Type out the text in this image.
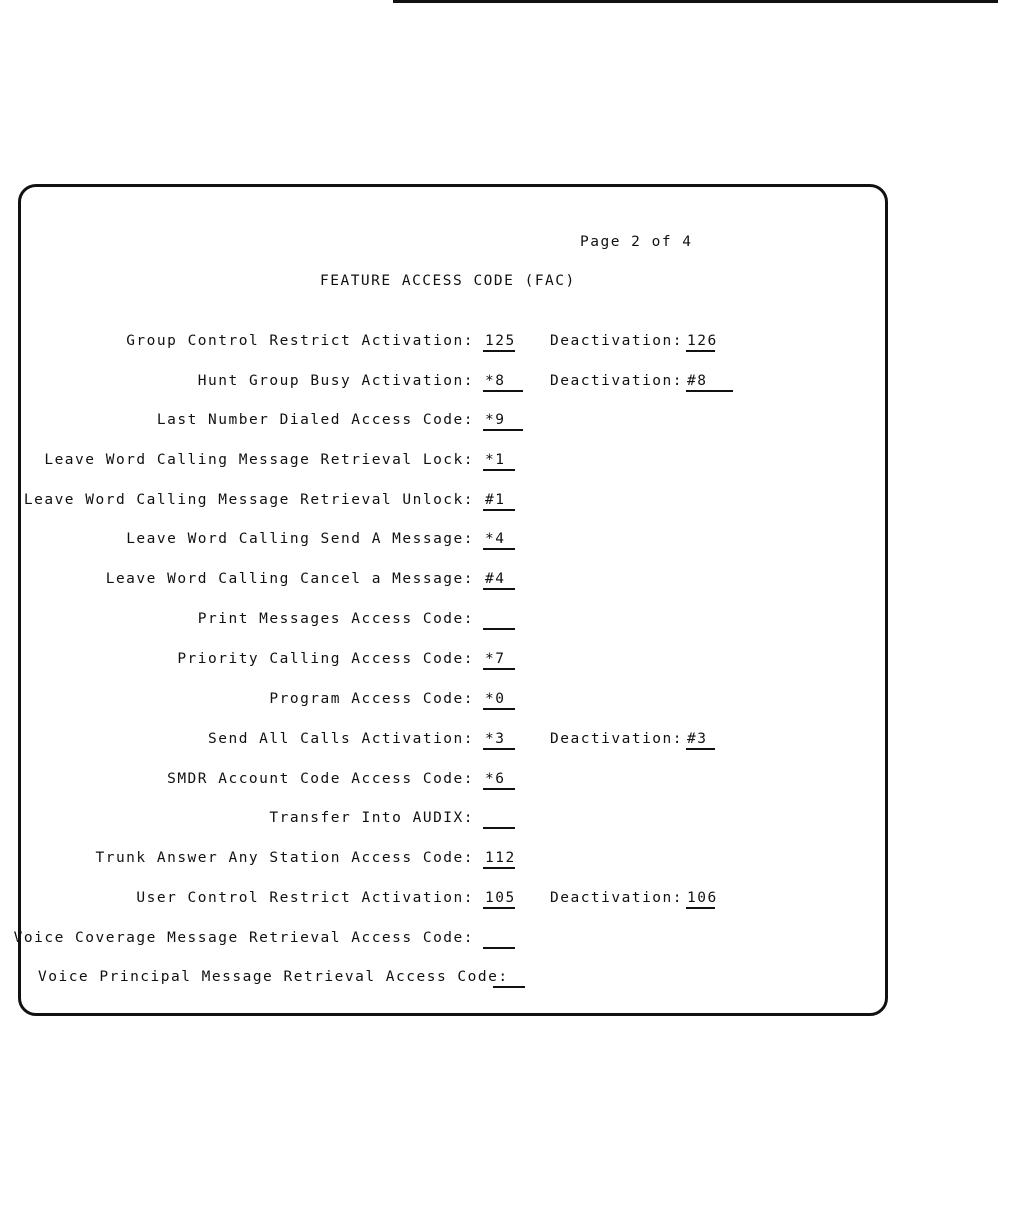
Page 2 of 4
FEATURE ACCESS CODE (FAC)
Group Control Restrict Activation: 125 Deactivation: 126
Hunt Group Busy Activation: *8	Deactivation: #8
Last Number Dialed Access Code: *9
Leave Word Calling Message Retrieval Lock: *1
Leave Word Calling Message Retrieval Unlock: #1
Leave Word Calling Send A Message: *4
Leave Word Calling Cancel a Message: #4
Print Messages Access Code:
Priority Calling Access Code: *7
Program Access Code: *0
Send All Calls Activation: *3	Deactivation: #3
SMDR Account Code Access Code: *6
Transfer Into AUDIX:
Trunk Answer Any Station Access Code: 112
User Control Restrict Activation: 105 Deactivation: 106
Voice Coverage Message Retrieval Access Code:
Voice Principal Message Retrieval Access Code:
